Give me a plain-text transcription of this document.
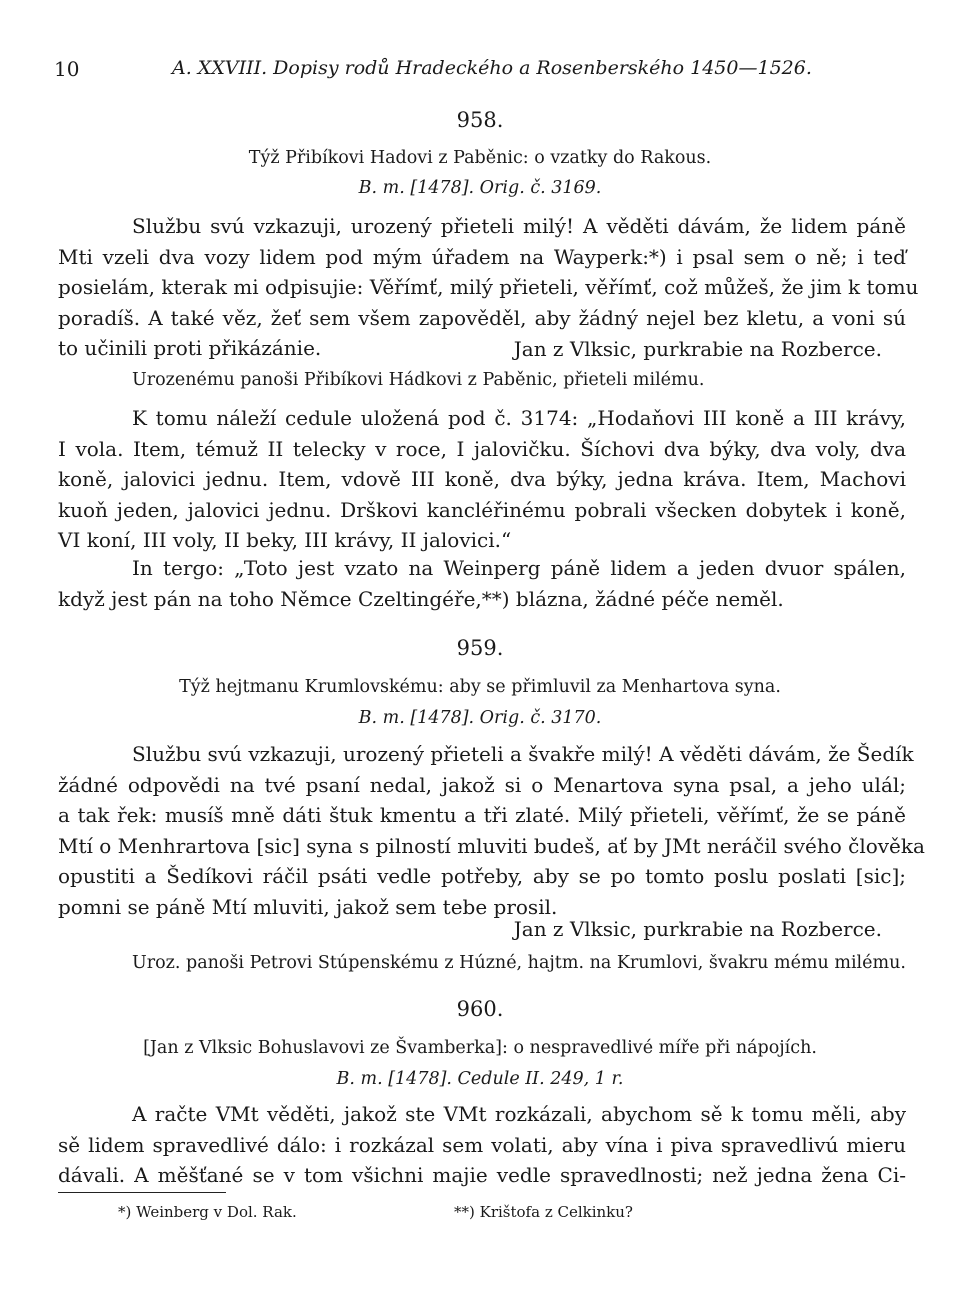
10	A. XXVIII. Dopisy rodů Hradeckého a Rosenberského 1450—1526.
958.
Týž Přibíkovi Hadovi z Paběnic: o vzatky do Rakous.
B. m. [1478]. Orig. č. 3169.
Službu svú vzkazuji, urozený přieteli milý! A věděti dávám, že lidem páně
Mti vzeli dva vozy lidem pod mým úřadem na Wayperk:*) i psal sem o ně; i teď
posielám, kterak mi odpisujie: Věřímť, milý přieteli, věřímť, což můžeš, že jim k tomu
poradíš. A také věz, žeť sem všem zapověděl, aby žádný nejel bez kletu, a voni sú
to učinili proti přikázánie.	Jan z Vlksic, purkrabie na Rozberce.
Urozenému panoši Přibíkovi Hádkovi z Paběnic, přieteli milému.
K tomu náleží cedule uložená pod č. 3174: „Hodaňovi III koně a III krávy,
I vola. Item, témuž II telecky v roce, I jalovičku. Šíchovi dva býky, dva voly, dva
koně, jalovici jednu. Item, vdově III koně, dva býky, jedna kráva. Item, Machovi
kuoň jeden, jalovici jednu. Drškovi kancléřinému pobrali všecken dobytek i koně,
VI koní, III voly, II beky, III krávy, II jalovici.“
In tergo: „Toto jest vzato na Weinperg páně lidem a jeden dvuor spálen,
když jest pán na toho Němce Czeltingéře,**) blázna, žádné péče neměl.
959.
Týž hejtmanu Krumlovskému: aby se přimluvil za Menhartova syna.
B. m. [1478]. Orig. č. 3170.
Službu svú vzkazuji, urozený přieteli a švakře milý! A věděti dávám, že Šedík
žádné odpovědi na tvé psaní nedal, jakož si o Menartova syna psal, a jeho ulál;
a tak řek: musíš mně dáti štuk kmentu a tři zlaté. Milý přieteli, věřímť, že se páně
Mtí o Menhrartova [sic] syna s pilností mluviti budeš, ať by JMt neráčil svého člověka
opustiti a Šedíkovi ráčil psáti vedle potřeby, aby se po tomto poslu poslati [sic];
pomni se páně Mtí mluviti, jakož sem tebe prosil.
Jan z Vlksic, purkrabie na Rozberce.
Uroz. panoši Petrovi Stúpenskému z Húzné, hajtm. na Krumlovi, švakru mému milému.
960.
[Jan z Vlksic Bohuslavovi ze Švamberka]: o nespravedlivé míře při nápojích.
B. m. [1478]. Cedule II. 249, 1 r.
A račte VMt věděti, jakož ste VMt rozkázali, abychom sě k tomu měli, aby
sě lidem spravedlivé dálo: i rozkázal sem volati, aby vína i piva spravedlivú mieru
dávali. A měšťané se v tom všichni majie vedle spravedlnosti; než jedna žena Ci-
*) Weinberg v Dol. Rak.	**) Krištofa z Celkinku?
